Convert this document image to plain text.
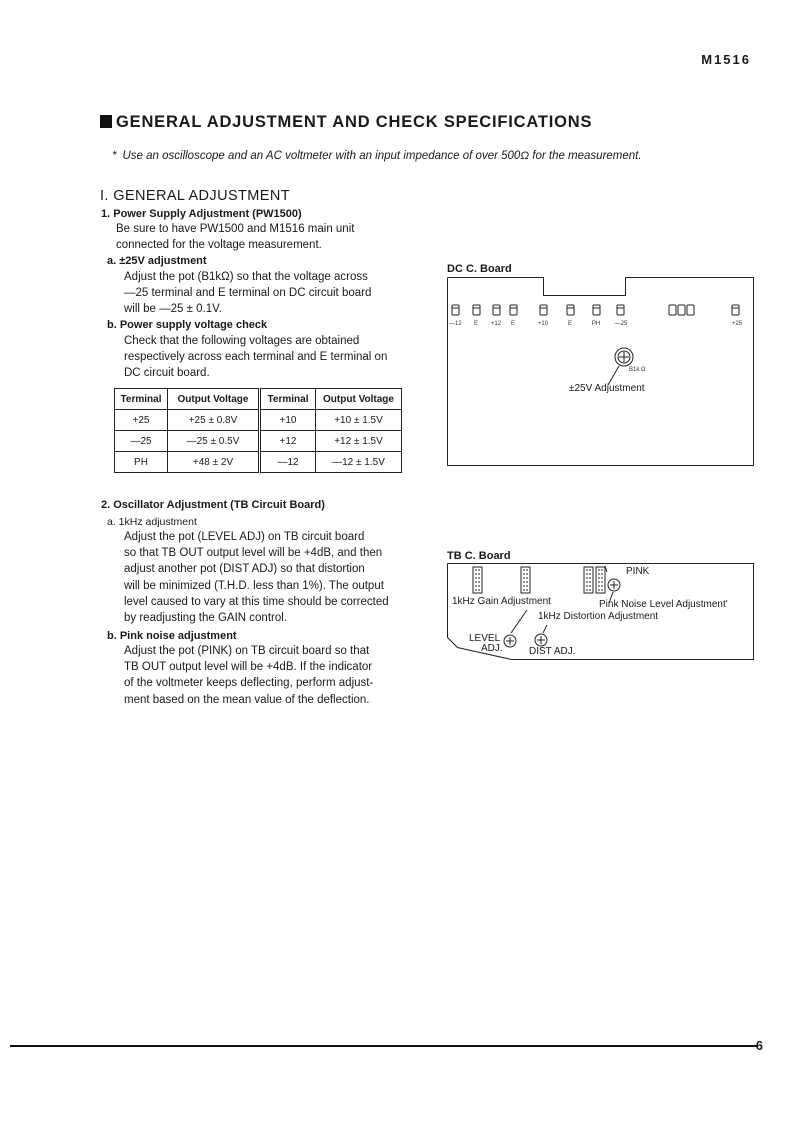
M1516
GENERAL ADJUSTMENT AND CHECK SPECIFICATIONS
* Use an oscilloscope and an AC voltmeter with an input impedance of over 500Ω for the measurement.
I. GENERAL ADJUSTMENT
1. Power Supply Adjustment (PW1500)
Be sure to have PW1500 and M1516 main unit
connected for the voltage measurement.
a. ±25V adjustment
Adjust the pot (B1kΩ) so that the voltage across
—25 terminal and E terminal on DC circuit board
will be —25 ± 0.1V.
b. Power supply voltage check
Check that the following voltages are obtained
respectively across each terminal and E terminal on
DC circuit board.
Terminal	Output Voltage	Terminal	Output Voltage
+25	+25 ± 0.8V	+10	+10 ± 1.5V
—25	—25 ± 0.5V	+12	+12 ± 1.5V
PH	+48 ± 2V	—12	—12 ± 1.5V
2. Oscillator Adjustment (TB Circuit Board)
a. 1kHz adjustment
Adjust the pot (LEVEL ADJ) on TB circuit board
so that TB OUT output level will be +4dB, and then
adjust another pot (DIST ADJ) so that distortion
will be minimized (T.H.D. less than 1%). The output
level caused to vary at this time should be corrected
by readjusting the GAIN control.
b. Pink noise adjustment
Adjust the pot (PINK) on TB circuit board so that
TB OUT output level will be +4dB. If the indicator
of the voltmeter keeps deflecting, perform adjust-
ment based on the mean value of the deflection.
DC C. Board
—12	E	+12	E	+10	E	PH	—25	+25
B1k Ω
±25V Adjustment
TB C. Board
PINK
1kHz Gain Adjustment	Pink Noise Level Adjustment'
1kHz Distortion Adjustment
LEVEL
ADJ.	DIST ADJ.
6
